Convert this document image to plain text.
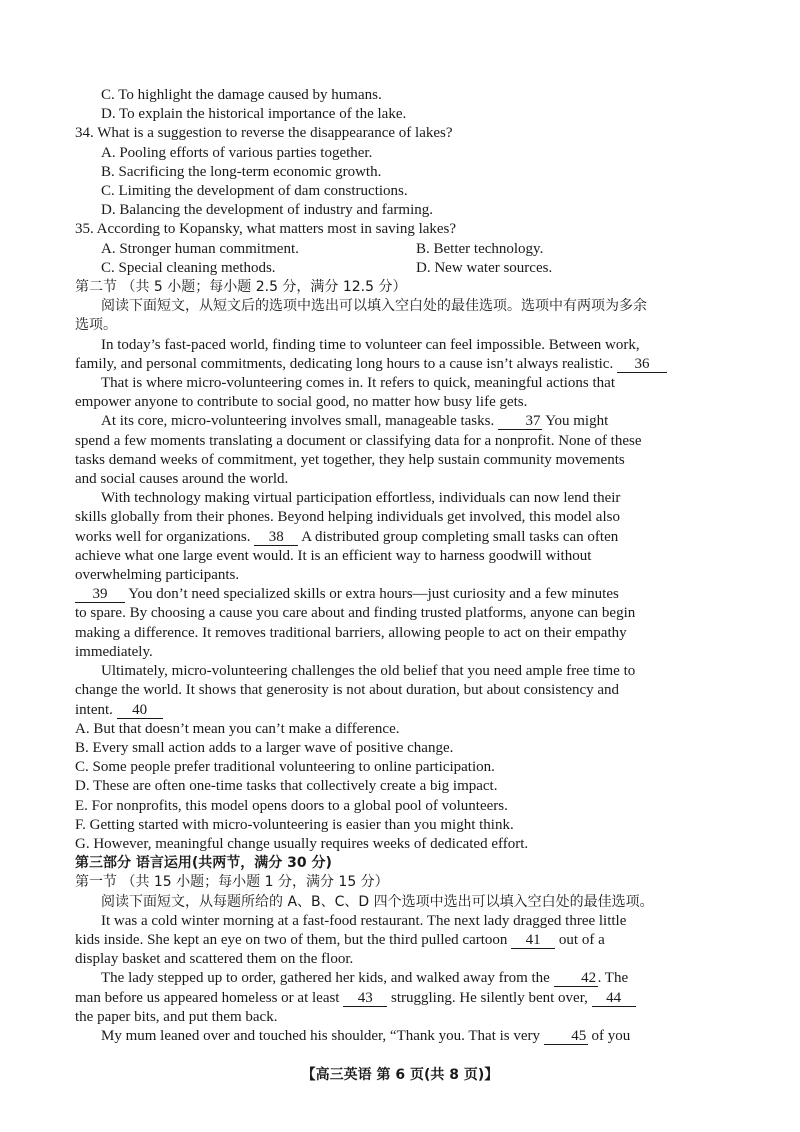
C. To highlight the damage caused by humans.
D. To explain the historical importance of the lake.
34. What is a suggestion to reverse the disappearance of lakes?
A. Pooling efforts of various parties together.
B. Sacrificing the long-term economic growth.
C. Limiting the development of dam constructions.
D. Balancing the development of industry and farming.
35. According to Kopansky, what matters most in saving lakes?
A. Stronger human commitment.	B. Better technology.
C. Special cleaning methods.	D. New water sources.
第二节 （共 5 小题；每小题 2.5 分，满分 12.5 分）
阅读下面短文，从短文后的选项中选出可以填入空白处的最佳选项。选项中有两项为多余
选项。
In today’s fast-paced world, finding time to volunteer can feel impossible. Between work,
family, and personal commitments, dedicating long hours to a cause isn’t always realistic. 36
That is where micro-volunteering comes in. It refers to quick, meaningful actions that
empower anyone to contribute to social good, no matter how busy life gets.
At its core, micro-volunteering involves small, manageable tasks. 37 You might
spend a few moments translating a document or classifying data for a nonprofit. None of these
tasks demand weeks of commitment, yet together, they help sustain community movements
and social causes around the world.
With technology making virtual participation effortless, individuals can now lend their
skills globally from their phones. Beyond helping individuals get involved, this model also
works well for organizations. 38 A distributed group completing small tasks can often
achieve what one large event would. It is an efficient way to harness goodwill without
overwhelming participants.
39 You don’t need specialized skills or extra hours—just curiosity and a few minutes
to spare. By choosing a cause you care about and finding trusted platforms, anyone can begin
making a difference. It removes traditional barriers, allowing people to act on their empathy
immediately.
Ultimately, micro-volunteering challenges the old belief that you need ample free time to
change the world. It shows that generosity is not about duration, but about consistency and
intent. 40
A. But that doesn’t mean you can’t make a difference.
B. Every small action adds to a larger wave of positive change.
C. Some people prefer traditional volunteering to online participation.
D. These are often one-time tasks that collectively create a big impact.
E. For nonprofits, this model opens doors to a global pool of volunteers.
F. Getting started with micro-volunteering is easier than you might think.
G. However, meaningful change usually requires weeks of dedicated effort.
第三部分 语言运用(共两节，满分 30 分)
第一节 （共 15 小题；每小题 1 分，满分 15 分）
阅读下面短文，从每题所给的 A、B、C、D 四个选项中选出可以填入空白处的最佳选项。
It was a cold winter morning at a fast-food restaurant. The next lady dragged three little
kids inside. She kept an eye on two of them, but the third pulled cartoon 41 out of a
display basket and scattered them on the floor.
The lady stepped up to order, gathered her kids, and walked away from the 42 . The
man before us appeared homeless or at least 43 struggling. He silently bent over, 44
the paper bits, and put them back.
My mum leaned over and touched his shoulder, “Thank you. That is very 45 of you
【高三英语 第 6 页(共 8 页)】
